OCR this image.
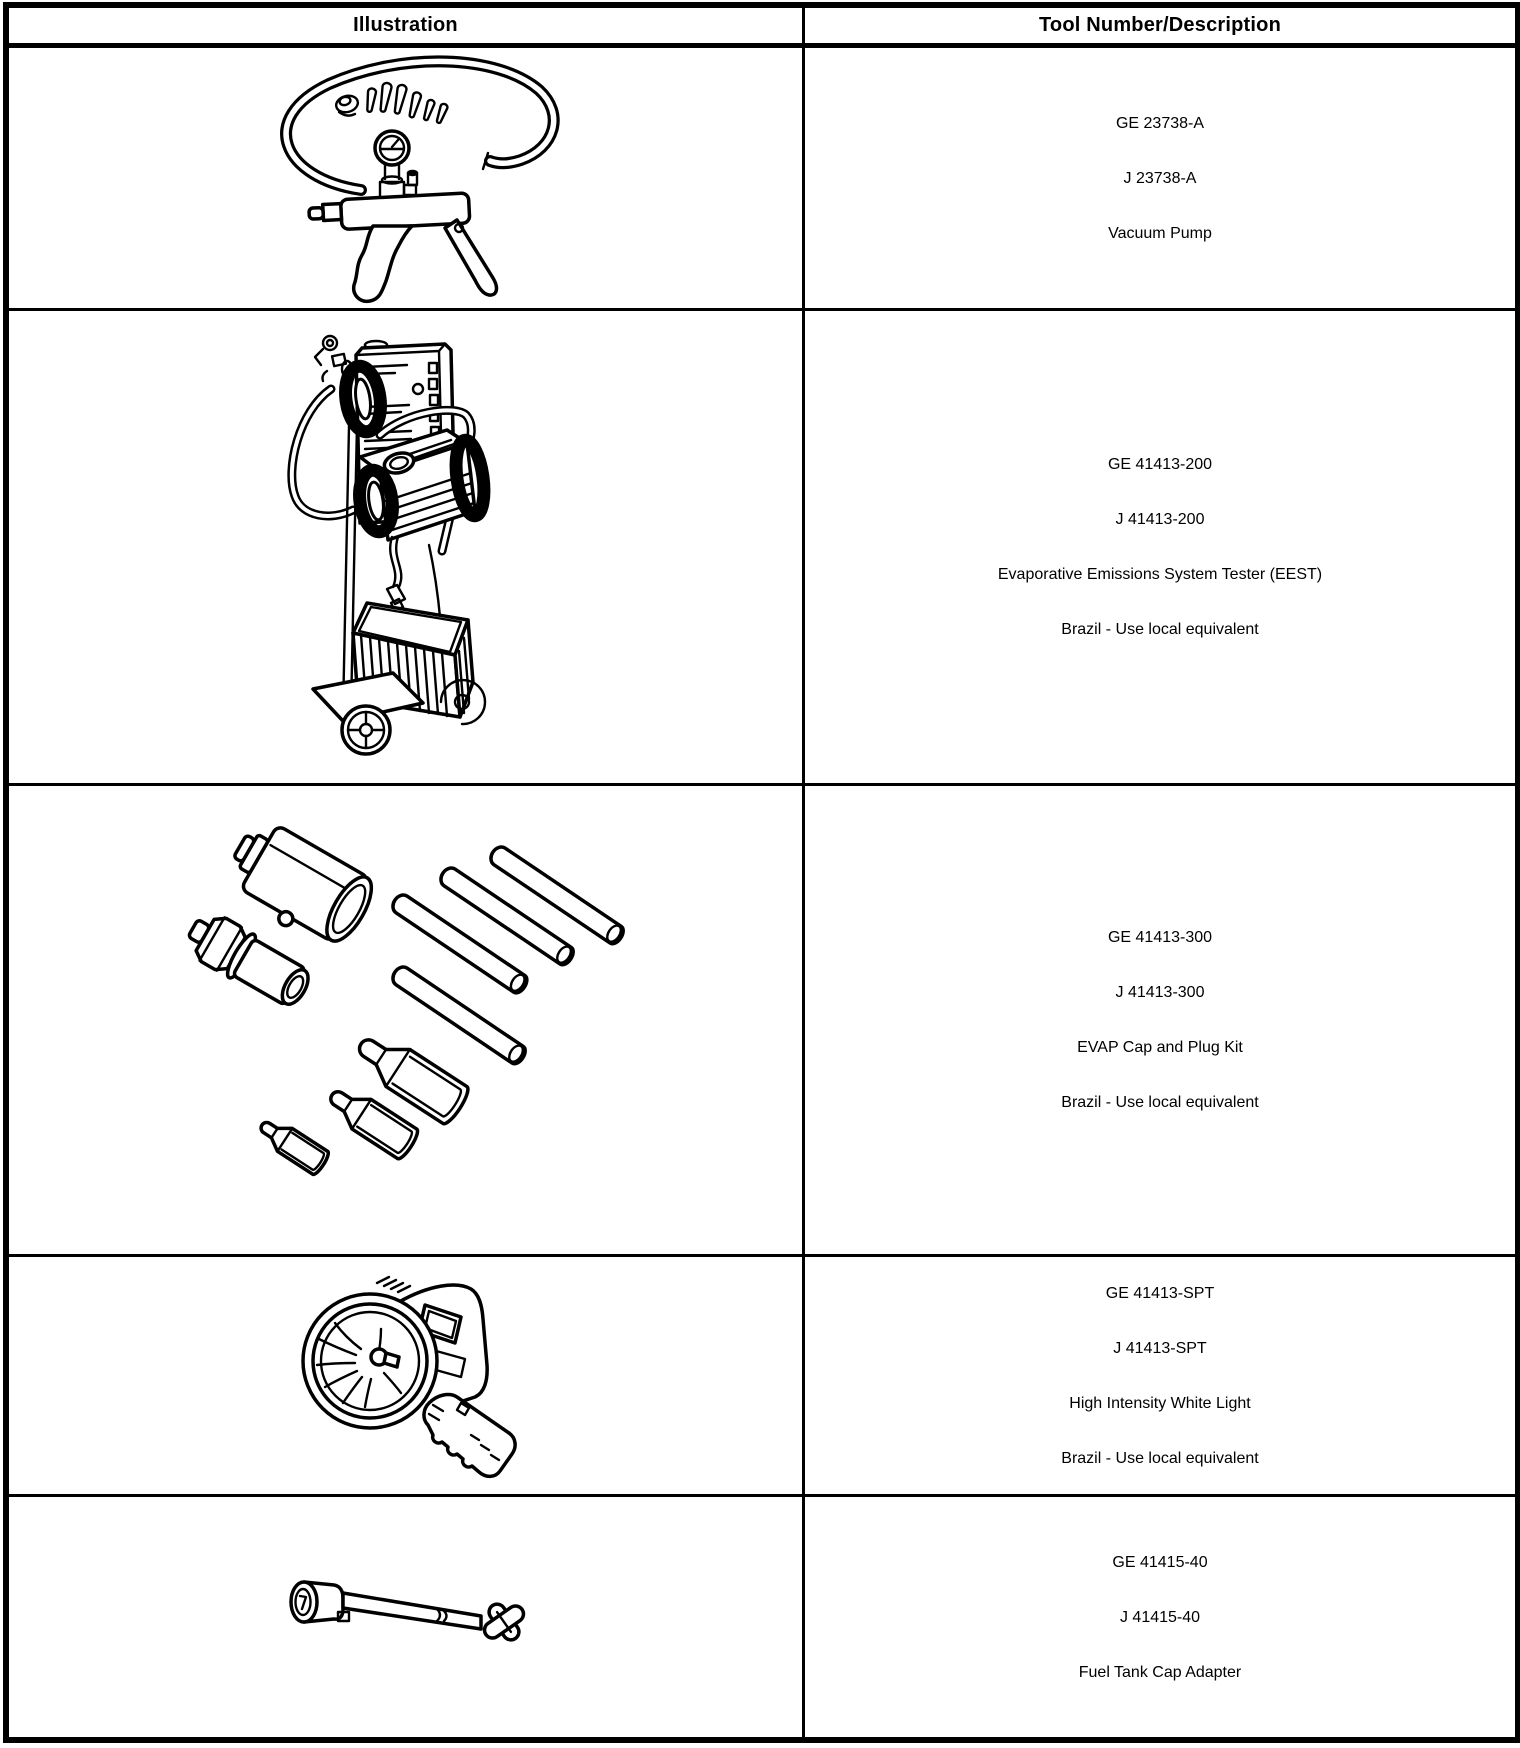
Illustration	Tool Number/Description
GE 23738-A
J 23738-A
Vacuum Pump
GE 41413-200
J 41413-200
Evaporative Emissions System Tester (EEST)
Brazil - Use local equivalent
GE 41413-300
J 41413-300
EVAP Cap and Plug Kit
Brazil - Use local equivalent
GE 41413-SPT
J 41413-SPT
High Intensity White Light
Brazil - Use local equivalent
GE 41415-40
J 41415-40
Fuel Tank Cap Adapter
